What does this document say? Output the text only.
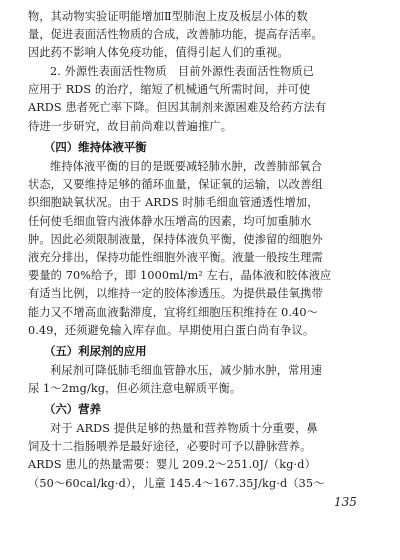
物，其动物实验证明能增加Ⅱ型肺泡上皮及板层小体的数
量，促进表面活性物质的合成，改善肺功能，提高存活率。
因此药不影响人体免疫功能，值得引起人们的重视。
2. 外源性表面活性物质　目前外源性表面活性物质已
应用于 RDS 的治疗，缩短了机械通气所需时间，并可使
ARDS 患者死亡率下降。但因其制剂来源困难及给药方法有
待进一步研究，故目前尚难以普遍推广。
（四）维持体液平衡
维持体液平衡的目的是既要减轻肺水肿，改善肺部氧合
状态，又要维持足够的循环血量，保证氧的运输，以改善组
织细胞缺氧状况。由于 ARDS 时肺毛细血管通透性增加，
任何使毛细血管内液体静水压增高的因素，均可加重肺水
肿。因此必须限制液量，保持体液负平衡，使渗留的细胞外
液充分排出，保持功能性细胞外液平衡。液量一般按生理需
要量的 70%给予，即 1000ml/m² 左右，晶体液和胶体液应
有适当比例，以维持一定的胶体渗透压。为提供最佳氧携带
能力又不增高血液黏滞度，宜将红细胞压积维持在 0.40～
0.49，还须避免输入库存血。早期使用白蛋白尚有争议。
（五）利尿剂的应用
利尿剂可降低肺毛细血管静水压，减少肺水肿，常用速
尿 1～2mg/kg，但必须注意电解质平衡。
（六）营养
对于 ARDS 提供足够的热量和营养物质十分重要，鼻
饲及十二指肠喂养是最好途径，必要时可予以静脉营养。
ARDS 患儿的热量需要：婴儿 209.2～251.0J/（kg·d）
（50～60cal/kg·d），儿童 145.4～167.35J/kg·d（35～
135
